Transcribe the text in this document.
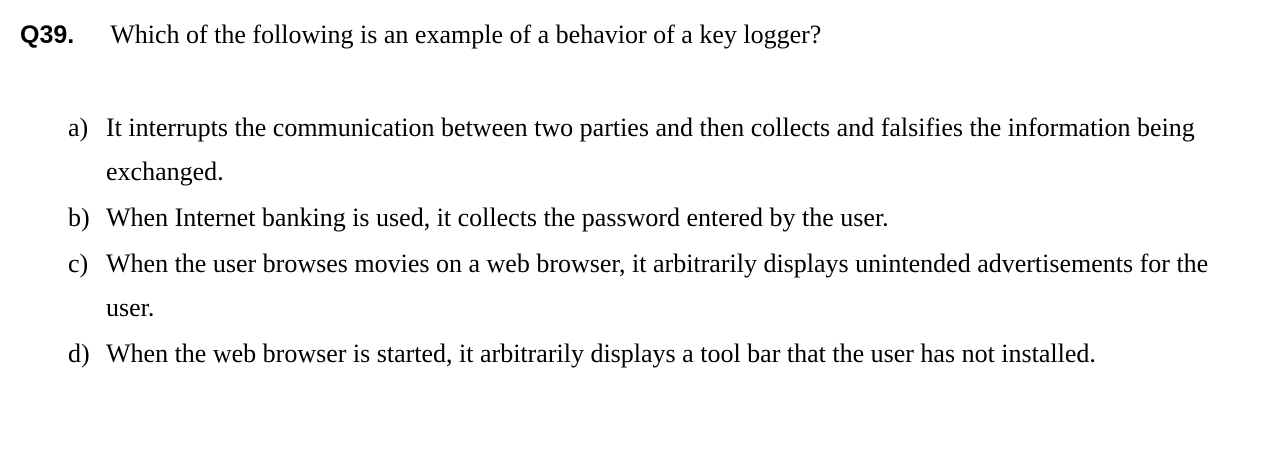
Q39.	Which of the following is an example of a behavior of a key logger?
a) It interrupts the communication between two parties and then collects and falsifies the information being exchanged.
b) When Internet banking is used, it collects the password entered by the user.
c) When the user browses movies on a web browser, it arbitrarily displays unintended advertisements for the user.
d) When the web browser is started, it arbitrarily displays a tool bar that the user has not installed.
